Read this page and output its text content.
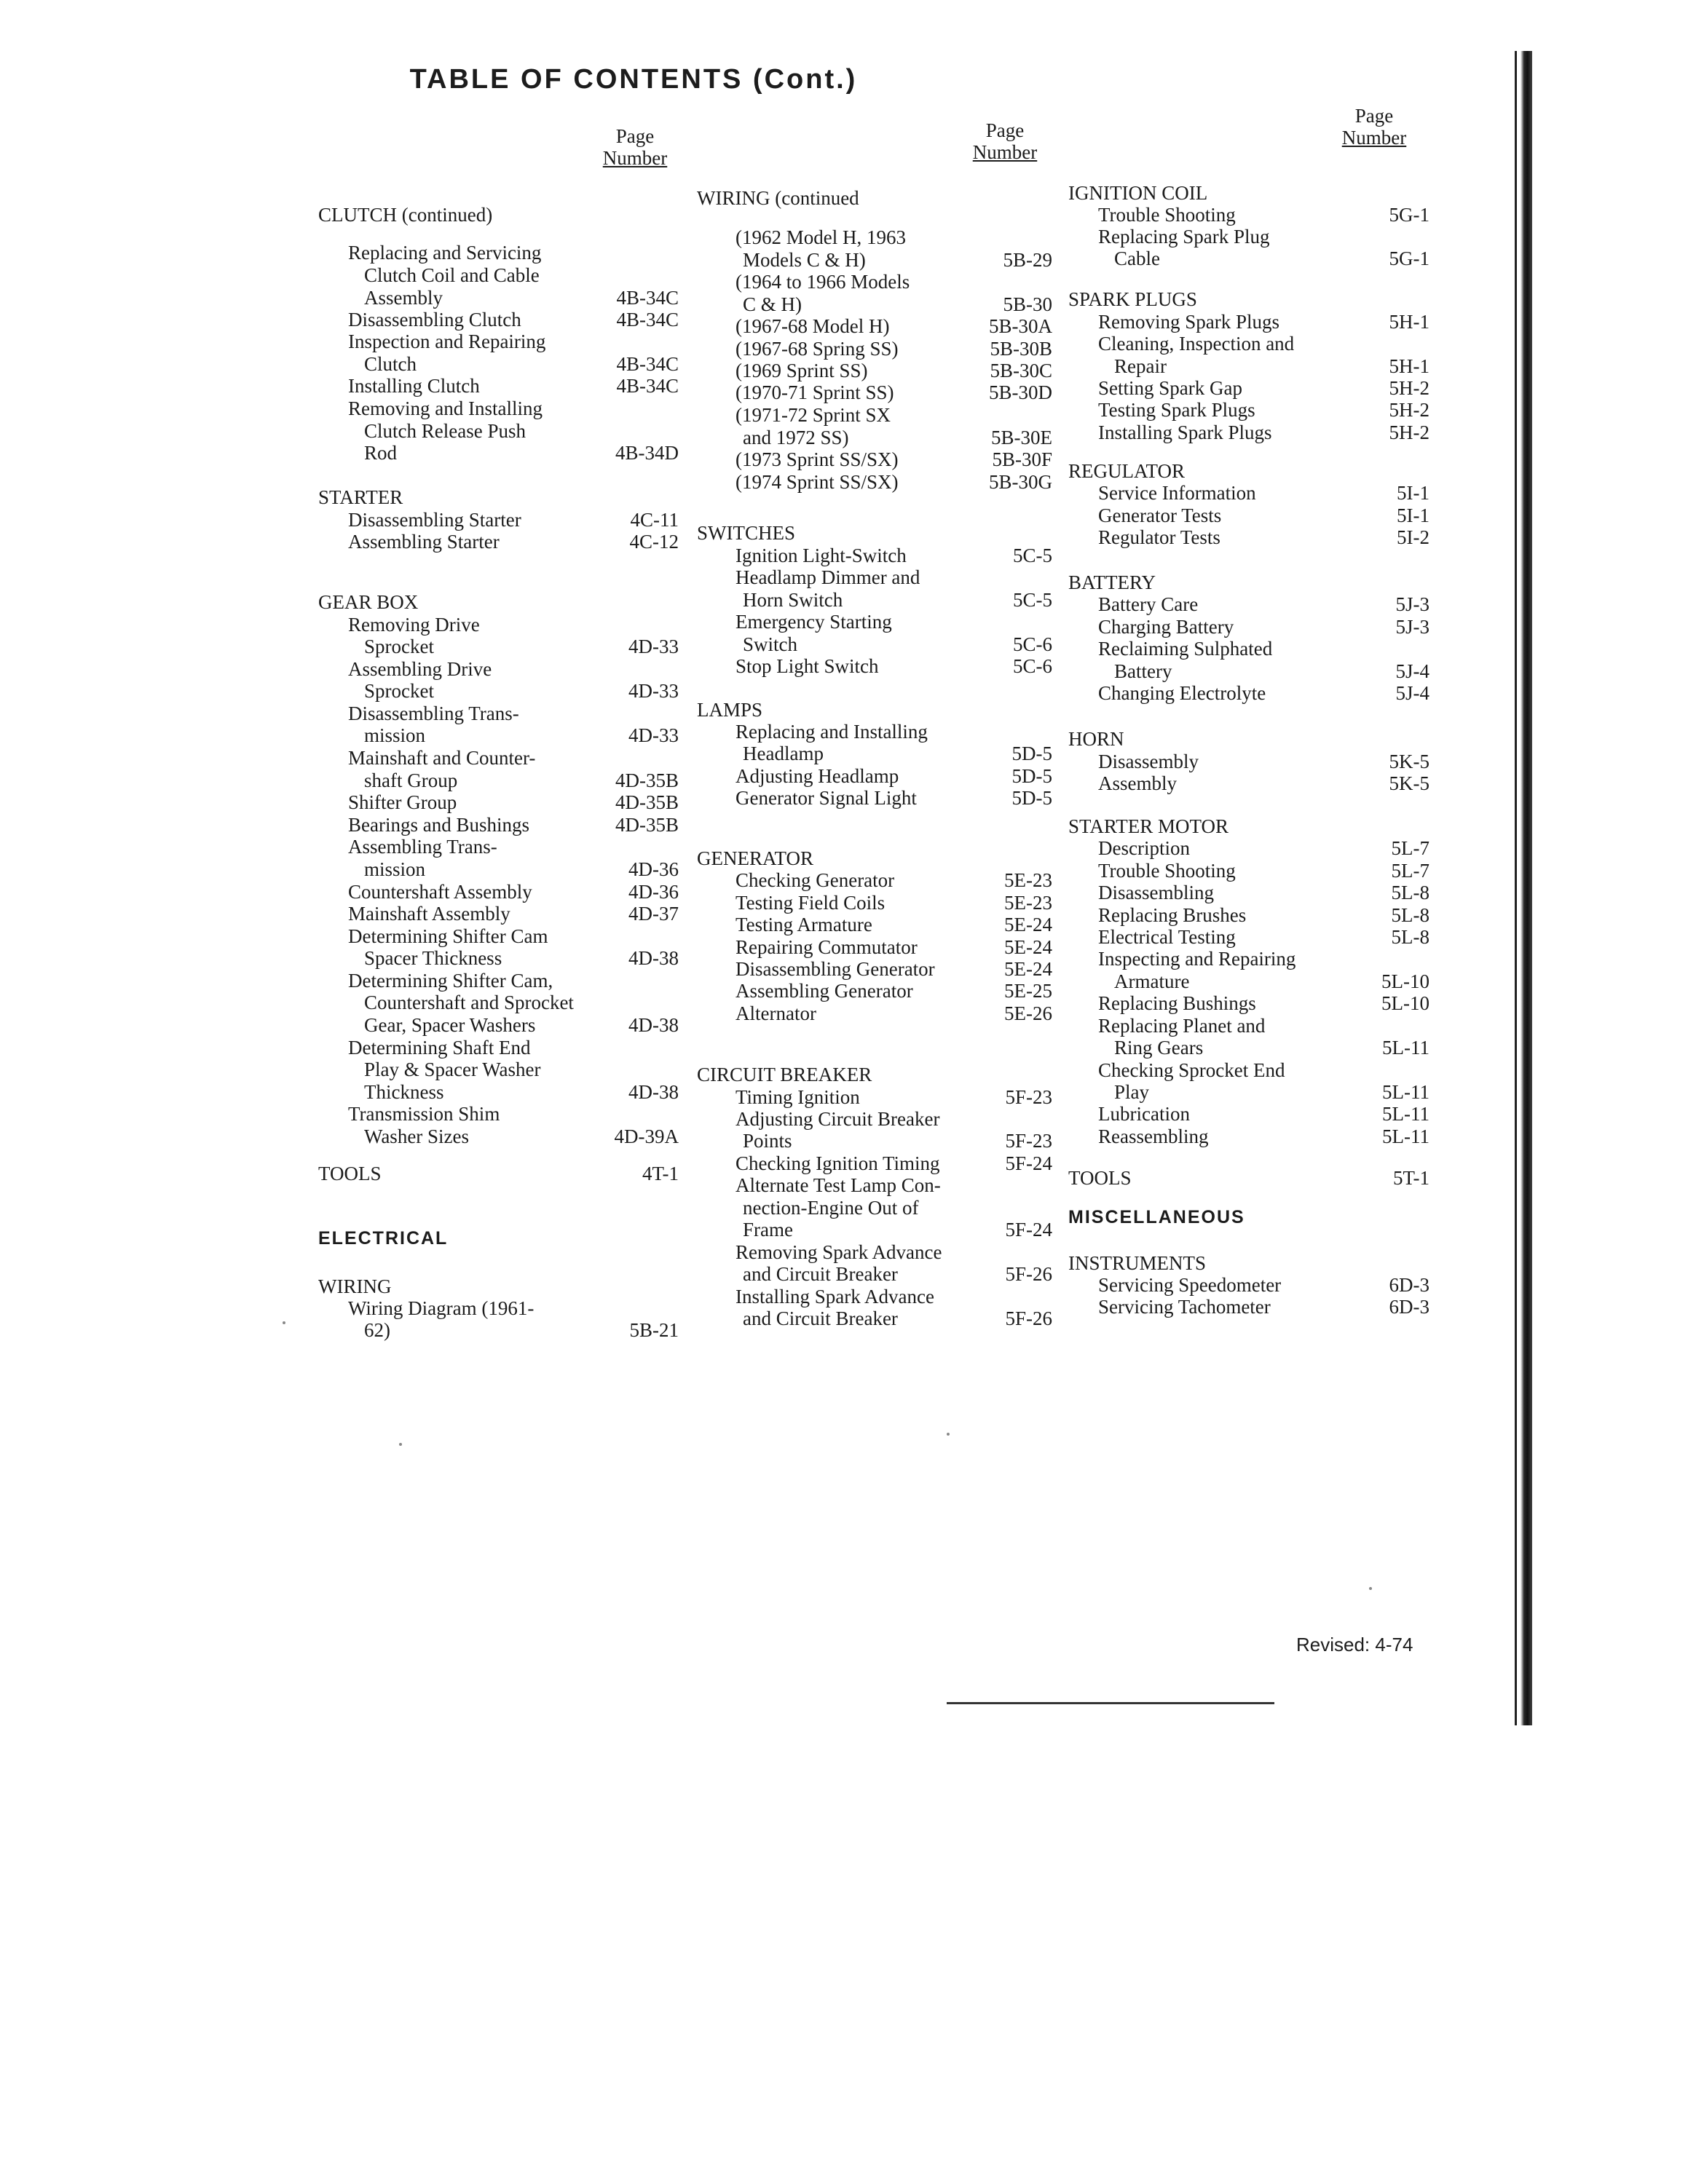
TABLE OF CONTENTS (Cont.)
Page
Number
Page
Number
Page
Number
CLUTCH (continued)
Replacing and Servicing
Clutch Coil and Cable
Assembly	4B-34C
Disassembling Clutch	4B-34C
Inspection and Repairing
Clutch	4B-34C
Installing Clutch	4B-34C
Removing and Installing
Clutch Release Push
Rod	4B-34D
STARTER
Disassembling Starter	4C-11
Assembling Starter	4C-12
GEAR BOX
Removing Drive
Sprocket	4D-33
Assembling Drive
Sprocket	4D-33
Disassembling Trans-
mission	4D-33
Mainshaft and Counter-
shaft Group	4D-35B
Shifter Group	4D-35B
Bearings and Bushings	4D-35B
Assembling Trans-
mission	4D-36
Countershaft Assembly	4D-36
Mainshaft Assembly	4D-37
Determining Shifter Cam
Spacer Thickness	4D-38
Determining Shifter Cam,
Countershaft and Sprocket
Gear, Spacer Washers	4D-38
Determining Shaft End
Play & Spacer Washer
Thickness	4D-38
Transmission Shim
Washer Sizes	4D-39A
TOOLS	4T-1
ELECTRICAL
WIRING
Wiring Diagram (1961-
62)	5B-21
WIRING (continued
(1962 Model H, 1963
Models C & H)	5B-29
(1964 to 1966 Models
C & H)	5B-30
(1967-68 Model H)	5B-30A
(1967-68 Spring SS)	5B-30B
(1969 Sprint SS)	5B-30C
(1970-71 Sprint SS)	5B-30D
(1971-72 Sprint SX
and 1972 SS)	5B-30E
(1973 Sprint SS/SX)	5B-30F
(1974 Sprint SS/SX)	5B-30G
SWITCHES
Ignition Light-Switch	5C-5
Headlamp Dimmer and
Horn Switch	5C-5
Emergency Starting
Switch	5C-6
Stop Light Switch	5C-6
LAMPS
Replacing and Installing
Headlamp	5D-5
Adjusting Headlamp	5D-5
Generator Signal Light	5D-5
GENERATOR
Checking Generator	5E-23
Testing Field Coils	5E-23
Testing Armature	5E-24
Repairing Commutator	5E-24
Disassembling Generator	5E-24
Assembling Generator	5E-25
Alternator	5E-26
CIRCUIT BREAKER
Timing Ignition	5F-23
Adjusting Circuit Breaker
Points	5F-23
Checking Ignition Timing	5F-24
Alternate Test Lamp Con-
nection-Engine Out of
Frame	5F-24
Removing Spark Advance
and Circuit Breaker	5F-26
Installing Spark Advance
and Circuit Breaker	5F-26
IGNITION COIL
Trouble Shooting	5G-1
Replacing Spark Plug
Cable	5G-1
SPARK PLUGS
Removing Spark Plugs	5H-1
Cleaning, Inspection and
Repair	5H-1
Setting Spark Gap	5H-2
Testing Spark Plugs	5H-2
Installing Spark Plugs	5H-2
REGULATOR
Service Information	5I-1
Generator Tests	5I-1
Regulator Tests	5I-2
BATTERY
Battery Care	5J-3
Charging Battery	5J-3
Reclaiming Sulphated
Battery	5J-4
Changing Electrolyte	5J-4
HORN
Disassembly	5K-5
Assembly	5K-5
STARTER MOTOR
Description	5L-7
Trouble Shooting	5L-7
Disassembling	5L-8
Replacing Brushes	5L-8
Electrical Testing	5L-8
Inspecting and Repairing
Armature	5L-10
Replacing Bushings	5L-10
Replacing Planet and
Ring Gears	5L-11
Checking Sprocket End
Play	5L-11
Lubrication	5L-11
Reassembling	5L-11
TOOLS	5T-1
MISCELLANEOUS
INSTRUMENTS
Servicing Speedometer	6D-3
Servicing Tachometer	6D-3
Revised: 4-74
